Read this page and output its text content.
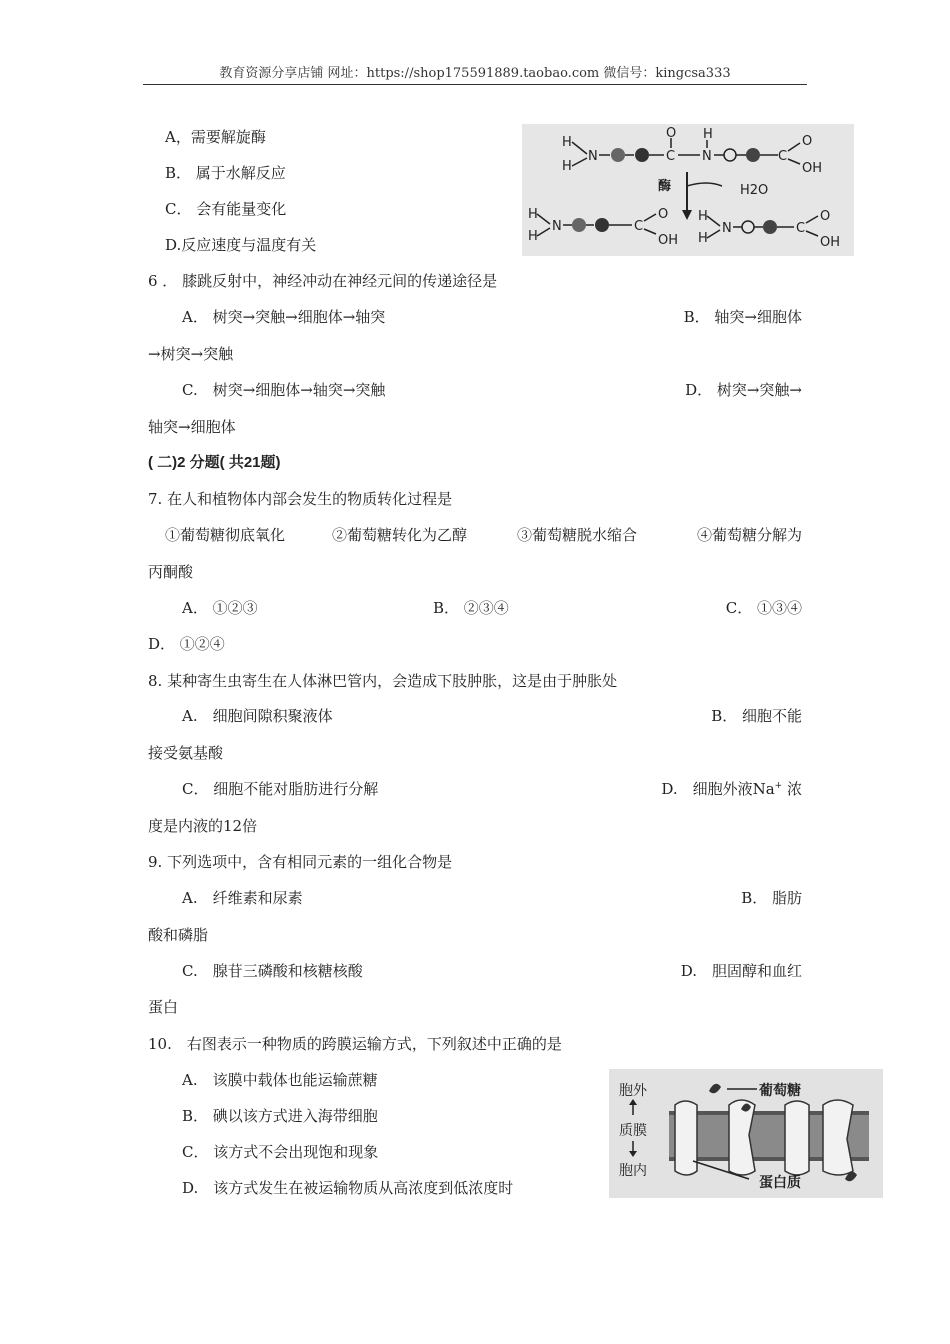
教育资源分享店铺 网址：https://shop175591889.taobao.com 微信号：kingcsa333
A，需要解旋酶
B． 属于水解反应
C． 会有能量变化
D.反应速度与温度有关
H
H
N	C
O
N
H
C
O
OH
酶	H2O
H
H
N	C
O
OH
H
H
N	C
O
OH
6 ． 膝跳反射中，神经冲动在神经元间的传递途径是
A． 树突→突触→细胞体→轴突	B． 轴突→细胞体
→树突→突触
C.　树突→细胞体→轴突→突触	D． 树突→突触→
轴突→细胞体
( 二)2 分题( 共21题)
7. 在人和植物体内部会发生的物质转化过程是
①葡萄糖彻底氧化	②葡萄糖转化为乙醇	③葡萄糖脱水缩合	④葡萄糖分解为
丙酮酸
A． ①②③	B． ②③④	C． ①③④
D． ①②④
8. 某种寄生虫寄生在人体淋巴管内，会造成下肢肿胀，这是由于肿胀处
A.　细胞间隙积聚液体	B． 细胞不能
接受氨基酸
C． 细胞不能对脂肪进行分解	D.　细胞外液Na+ 浓
度是内液的12倍
9. 下列选项中，含有相同元素的一组化合物是
A.　纤维素和尿素	B． 脂肪
酸和磷脂
C.　腺苷三磷酸和核糖核酸	D.　胆固醇和血红
蛋白
10.　右图表示一种物质的跨膜运输方式，下列叙述中正确的是
A.　该膜中载体也能运输蔗糖
B． 碘以该方式进入海带细胞
C． 该方式不会出现饱和现象
D.　该方式发生在被运输物质从高浓度到低浓度时
胞外
质膜
胞内
葡萄糖
蛋白质
